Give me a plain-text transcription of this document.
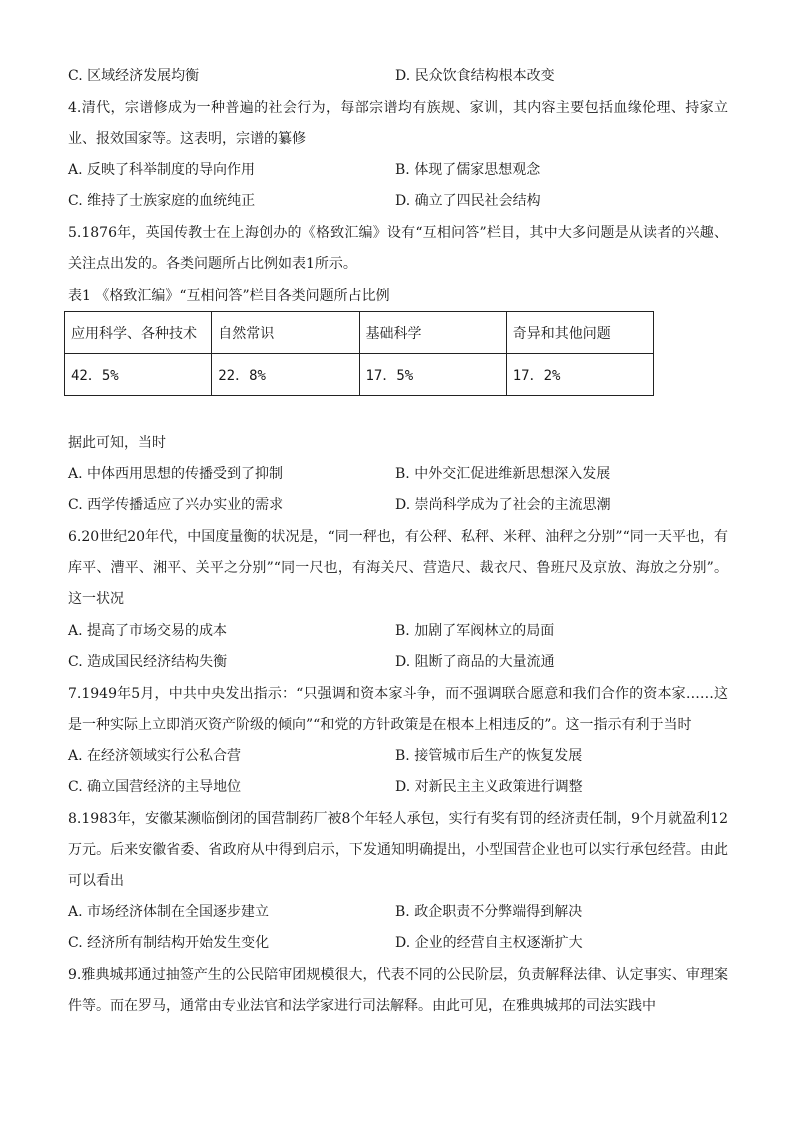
C. 区域经济发展均衡	D. 民众饮食结构根本改变
4.清代，宗谱修成为一种普遍的社会行为，每部宗谱均有族规、家训，其内容主要包括血缘伦理、持家立业、报效国家等。这表明，宗谱的纂修
A. 反映了科举制度的导向作用	B. 体现了儒家思想观念
C. 维持了士族家庭的血统纯正	D. 确立了四民社会结构
5.1876年，英国传教士在上海创办的《格致汇编》设有“互相问答”栏目，其中大多问题是从读者的兴趣、关注点出发的。各类问题所占比例如表1所示。
表1 《格致汇编》“互相问答”栏目各类问题所占比例
应用科学、各种技术	自然常识	基础科学	奇异和其他问题
42．5%	22．8%	17．5%	17．2%
据此可知，当时
A. 中体西用思想的传播受到了抑制	B. 中外交汇促进维新思想深入发展
C. 西学传播适应了兴办实业的需求	D. 崇尚科学成为了社会的主流思潮
6.20世纪20年代，中国度量衡的状况是，“同一秤也，有公秤、私秤、米秤、油秤之分别”“同一天平也，有库平、漕平、湘平、关平之分别”“同一尺也，有海关尺、营造尺、裁衣尺、鲁班尺及京放、海放之分别”。这一状况
A. 提高了市场交易的成本	B. 加剧了军阀林立的局面
C. 造成国民经济结构失衡	D. 阻断了商品的大量流通
7.1949年5月，中共中央发出指示：“只强调和资本家斗争，而不强调联合愿意和我们合作的资本家……这是一种实际上立即消灭资产阶级的倾向”“和党的方针政策是在根本上相违反的”。这一指示有利于当时
A. 在经济领域实行公私合营	B. 接管城市后生产的恢复发展
C. 确立国营经济的主导地位	D. 对新民主主义政策进行调整
8.1983年，安徽某濒临倒闭的国营制药厂被8个年轻人承包，实行有奖有罚的经济责任制，9个月就盈利12万元。后来安徽省委、省政府从中得到启示，下发通知明确提出，小型国营企业也可以实行承包经营。由此可以看出
A. 市场经济体制在全国逐步建立	B. 政企职责不分弊端得到解决
C. 经济所有制结构开始发生变化	D. 企业的经营自主权逐渐扩大
9.雅典城邦通过抽签产生的公民陪审团规模很大，代表不同的公民阶层，负责解释法律、认定事实、审理案件等。而在罗马，通常由专业法官和法学家进行司法解释。由此可见，在雅典城邦的司法实践中
